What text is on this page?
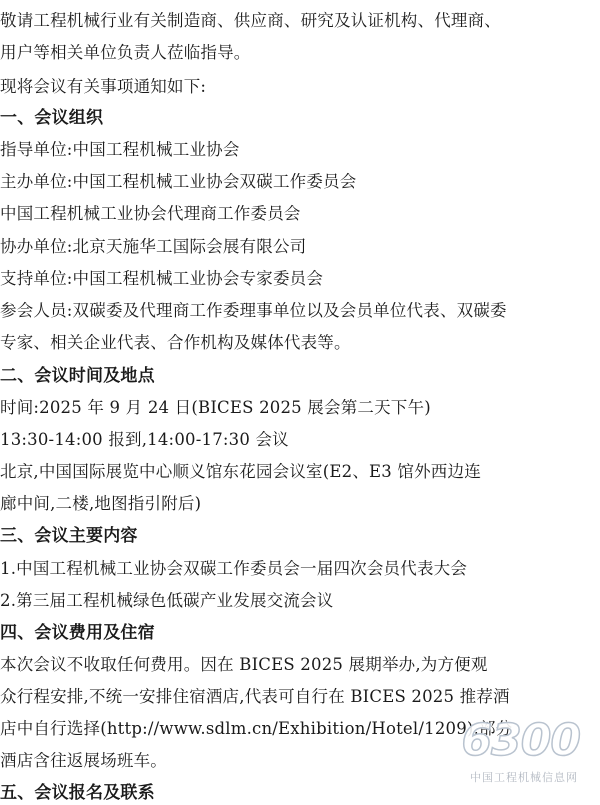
敬请工程机械行业有关制造商、供应商、研究及认证机构、代理商、
用户等相关单位负责人莅临指导。
现将会议有关事项通知如下:
一、会议组织
指导单位:中国工程机械工业协会
主办单位:中国工程机械工业协会双碳工作委员会
中国工程机械工业协会代理商工作委员会
协办单位:北京天施华工国际会展有限公司
支持单位:中国工程机械工业协会专家委员会
参会人员:双碳委及代理商工作委理事单位以及会员单位代表、双碳委
专家、相关企业代表、合作机构及媒体代表等。
二、会议时间及地点
时间:2025 年 9 月 24 日(BICES 2025 展会第二天下午)
13:30-14:00 报到,14:00-17:30 会议
北京,中国国际展览中心顺义馆东花园会议室(E2、E3 馆外西边连
廊中间,二楼,地图指引附后)
三、会议主要内容
1.中国工程机械工业协会双碳工作委员会一届四次会员代表大会
2.第三届工程机械绿色低碳产业发展交流会议
四、会议费用及住宿
本次会议不收取任何费用。因在 BICES 2025 展期举办,为方便观
众行程安排,不统一安排住宿酒店,代表可自行在 BICES 2025 推荐酒
店中自行选择(http://www.sdlm.cn/Exhibition/Hotel/1209),部分
酒店含往返展场班车。
五、会议报名及联系
6300
中国工程机械信息网
